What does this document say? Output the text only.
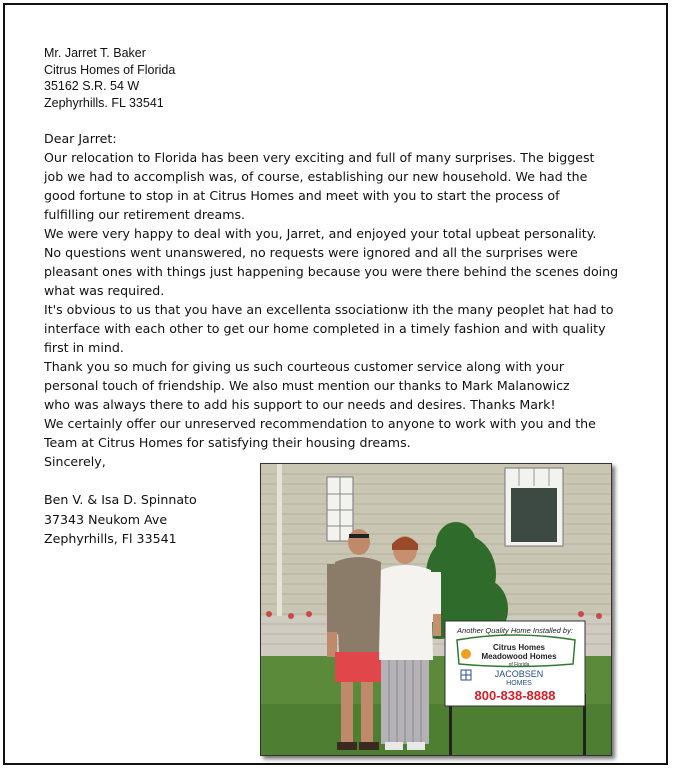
Mr. Jarret T. Baker
Citrus Homes of Florida
35162 S.R. 54 W
Zephyrhills. FL 33541
Dear Jarret:
Our relocation to Florida has been very exciting and full of many surprises. The biggest
job we had to accomplish was, of course, establishing our new household. We had the
good fortune to stop in at Citrus Homes and meet with you to start the process of
fulfilling our retirement dreams.
We were very happy to deal with you, Jarret, and enjoyed your total upbeat personality.
No questions went unanswered, no requests were ignored and all the surprises were
pleasant ones with things just happening because you were there behind the scenes doing
what was required.
It's obvious to us that you have an excellenta ssociationw ith the many peoplet hat had to
interface with each other to get our home completed in a timely fashion and with quality
first in mind.
Thank you so much for giving us such courteous customer service along with your
personal touch of friendship. We also must mention our thanks to Mark Malanowicz
who was always there to add his support to our needs and desires. Thanks Mark!
We certainly offer our unreserved recommendation to anyone to work with you and the
Team at Citrus Homes for satisfying their housing dreams.
Sincerely,
Ben V. & Isa D. Spinnato
37343 Neukom Ave
Zephyrhills, Fl 33541
Another Quality Home Installed by:
Citrus Homes
Meadowood Homes
of Florida
JACOBSEN
HOMES
800-838-8888
